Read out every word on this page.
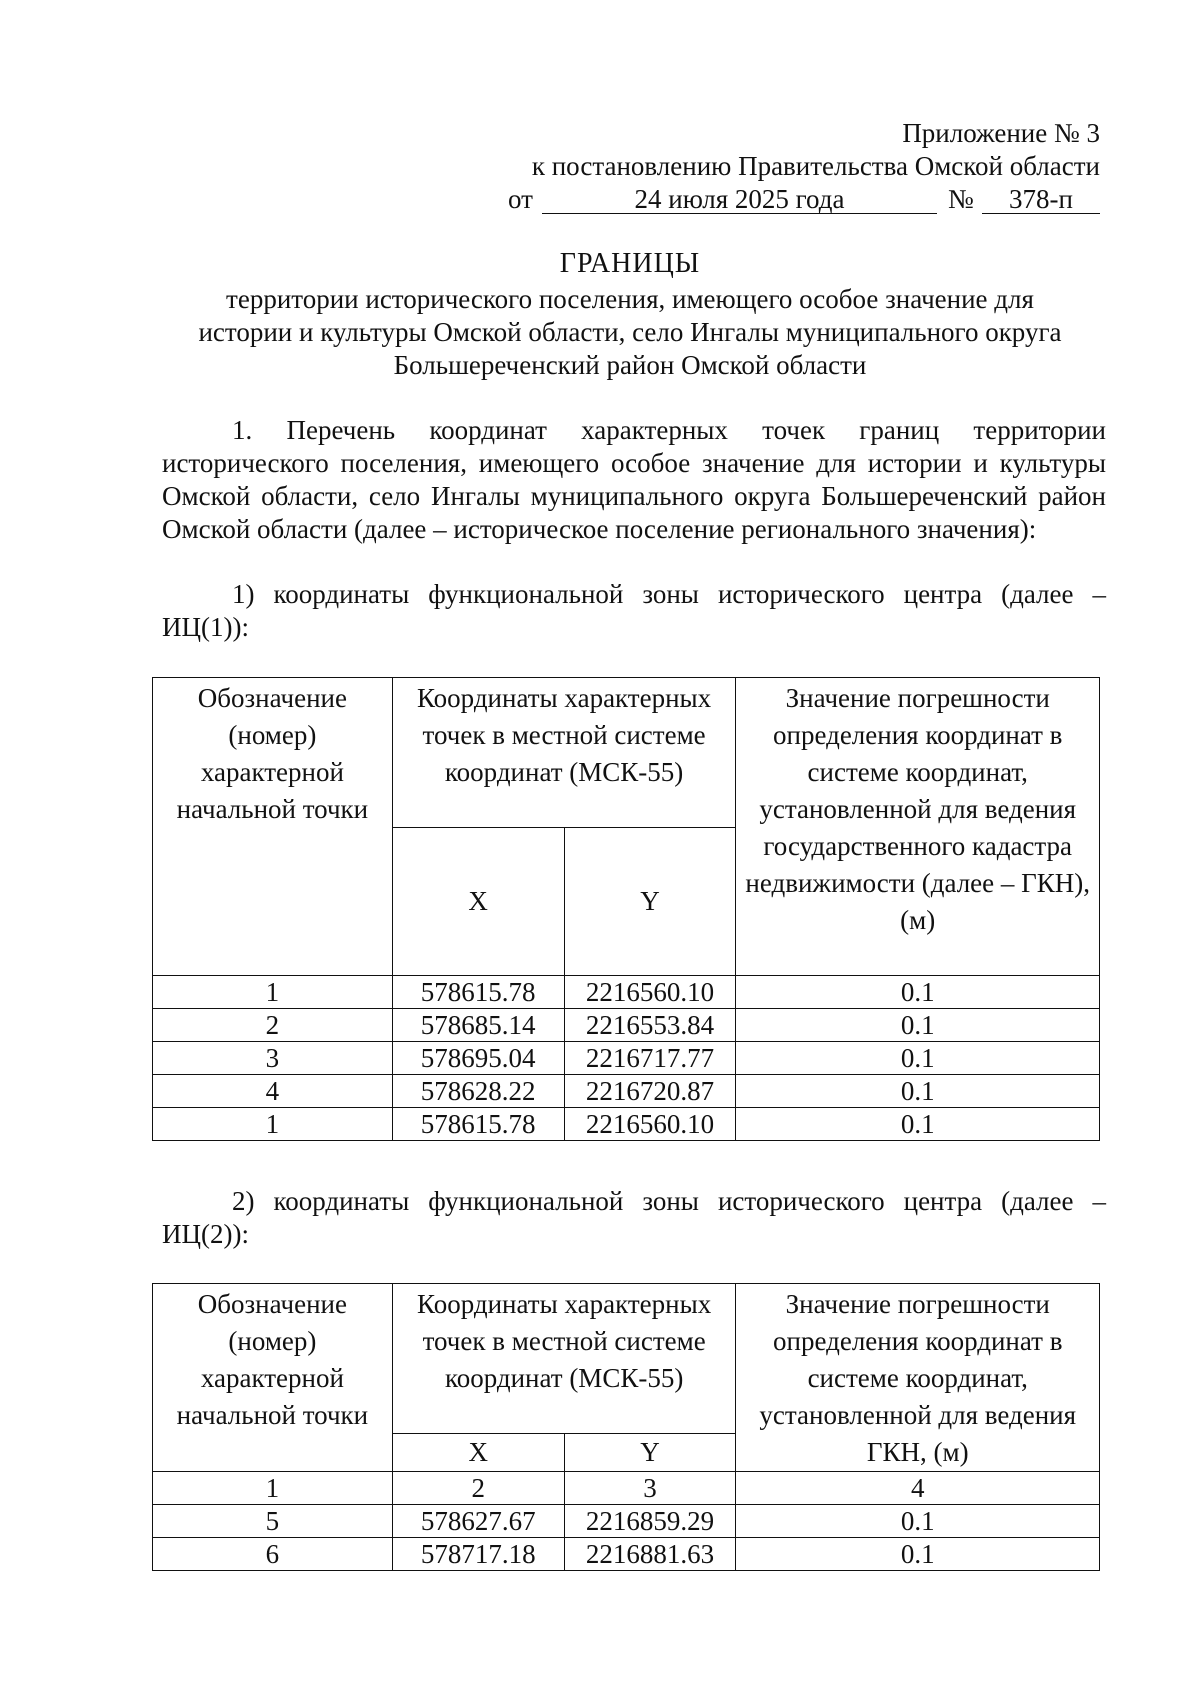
Приложение № 3
к постановлению Правительства Омской области
от	24 июля 2025 года	№	378-п
ГРАНИЦЫ
территории исторического поселения, имеющего особое значение для
истории и культуры Омской области, село Ингалы муниципального округа
Большереченский район Омской области
1. Перечень координат характерных точек границ территории исторического поселения, имеющего особое значение для истории и культуры Омской области, село Ингалы муниципального округа Большереченский район Омской области (далее – историческое поселение регионального значения):
1) координаты функциональной зоны исторического центра (далее – ИЦ(1)):
Обозначение (номер) характерной начальной точки	Координаты характерных точек в местной системе координат (МСК-55)		Значение погрешности определения координат в системе координат, установленной для ведения государственного кадастра недвижимости (далее – ГКН), (м)
	X	Y	
1	578615.78	2216560.10	0.1
2	578685.14	2216553.84	0.1
3	578695.04	2216717.77	0.1
4	578628.22	2216720.87	0.1
1	578615.78	2216560.10	0.1
2) координаты функциональной зоны исторического центра (далее – ИЦ(2)):
Обозначение (номер) характерной начальной точки	Координаты характерных точек в местной системе координат (МСК-55)		Значение погрешности определения координат в системе координат, установленной для ведения ГКН, (м)
	X	Y	
1	2	3	4
5	578627.67	2216859.29	0.1
6	578717.18	2216881.63	0.1
